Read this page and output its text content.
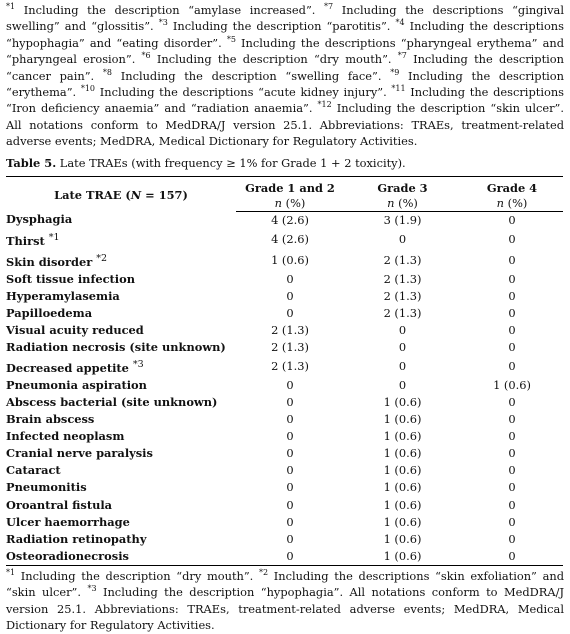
$^{*1}$ Including the description “amylase increased”. $^{*7}$ Including the descriptions “gingival swelling” and “glossitis”. $^{*3}$ Including the description “parotitis”. $^{*4}$ Including the descriptions “hypophagia” and “eating disorder”. $^{*5}$ Including the descriptions “pharyngeal erythema” and “pharyngeal erosion”. $^{*6}$ Including the description “dry mouth”. $^{*7}$ Including the description “cancer pain”. $^{*8}$ Including the description “swelling face”. $^{*9}$ Including the description “erythema”. $^{*10}$ Including the descriptions “acute kidney injury”. $^{*11}$ Including the descriptions “Iron deficiency anaemia” and “radiation anaemia”. $^{*12}$ Including the description “skin ulcer”. All notations conform to MedDRA/J version 25.1. Abbreviations: TRAEs, treatment-related adverse events; MedDRA, Medical Dictionary for Regulatory Activities.

Table 5. Late TRAEs (with frequency ≥ 1% for Grade 1 + 2 toxicity).

Late TRAE (N = 157)	Grade 1 and 2	Grade 3	Grade 4
	n (%)	n (%)	n (%)
Dysphagia	4 (2.6)	3 (1.9)	0
Thirst $^{*1}$	4 (2.6)	0	0
Skin disorder $^{*2}$	1 (0.6)	2 (1.3)	0
Soft tissue infection	0	2 (1.3)	0
Hyperamylasemia	0	2 (1.3)	0
Papilloedema	0	2 (1.3)	0
Visual acuity reduced	2 (1.3)	0	0
Radiation necrosis (site unknown)	2 (1.3)	0	0
Decreased appetite $^{*3}$	2 (1.3)	0	0
Pneumonia aspiration	0	0	1 (0.6)
Abscess bacterial (site unknown)	0	1 (0.6)	0
Brain abscess	0	1 (0.6)	0
Infected neoplasm	0	1 (0.6)	0
Cranial nerve paralysis	0	1 (0.6)	0
Cataract	0	1 (0.6)	0
Pneumonitis	0	1 (0.6)	0
Oroantral fistula	0	1 (0.6)	0
Ulcer haemorrhage	0	1 (0.6)	0
Radiation retinopathy	0	1 (0.6)	0
Osteoradionecrosis	0	1 (0.6)	0

$^{*1}$ Including the description “dry mouth”. $^{*2}$ Including the descriptions “skin exfoliation” and “skin ulcer”. $^{*3}$ Including the description “hypophagia”. All notations conform to MedDRA/J version 25.1. Abbreviations: TRAEs, treatment-related adverse events; MedDRA, Medical Dictionary for Regulatory Activities.
